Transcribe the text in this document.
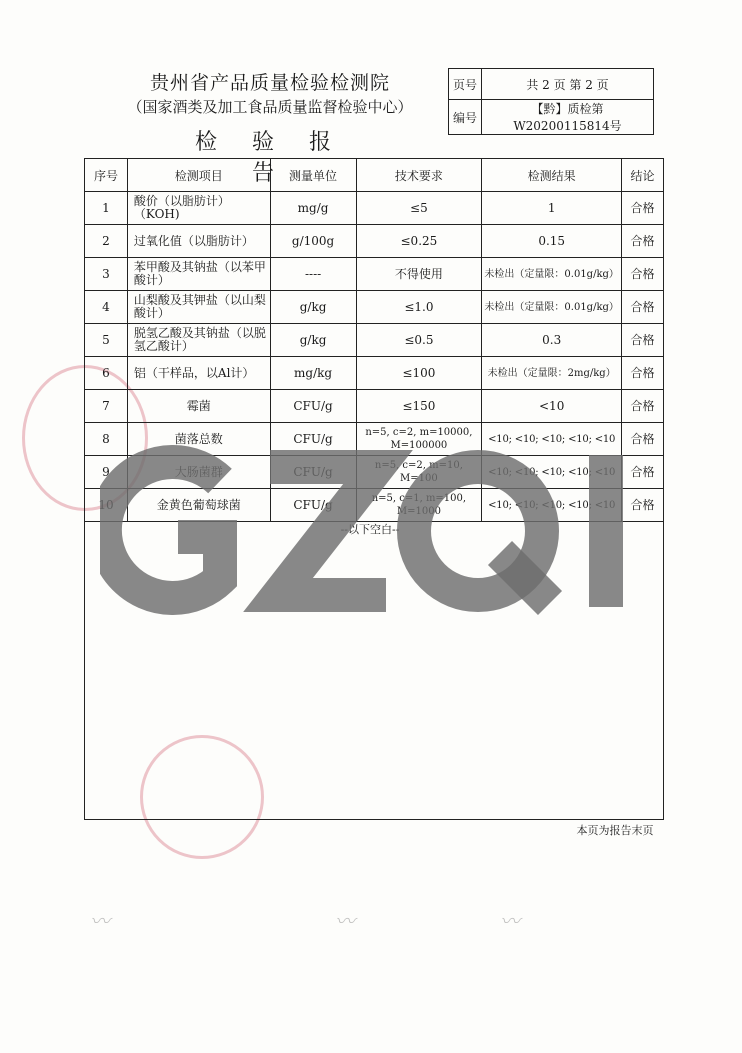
〰
〰
〰
贵州省产品质量检验检测院
（国家酒类及加工食品质量监督检验中心）
检 验 报 告
页号	共 2 页 第 2 页
编号	【黔】质检第W20200115814号
序号	检测项目	测量单位	技术要求	检测结果	结论
1	酸价（以脂肪计）（KOH)	mg/g	≤5	1	合格
2	过氧化值（以脂肪计）	g/100g	≤0.25	0.15	合格
3	苯甲酸及其钠盐（以苯甲酸计）	----	不得使用	未检出（定量限：0.01g/kg）	合格
4	山梨酸及其钾盐（以山梨酸计）	g/kg	≤1.0	未检出（定量限：0.01g/kg）	合格
5	脱氢乙酸及其钠盐（以脱氢乙酸计）	g/kg	≤0.5	0.3	合格
6	铝（干样品，以Al计）	mg/kg	≤100	未检出（定量限：2mg/kg）	合格
7	霉菌	CFU/g	≤150	<10	合格
8	菌落总数	CFU/g	n=5, c=2, m=10000, M=100000	<10; <10; <10; <10; <10	合格
9	大肠菌群	CFU/g	n=5, c=2, m=10, M=100	<10; <10; <10; <10; <10	合格
10	金黄色葡萄球菌	CFU/g	n=5, c=1, m=100, M=1000	<10; <10; <10; <10; <10	合格
--以下空白--
本页为报告末页
